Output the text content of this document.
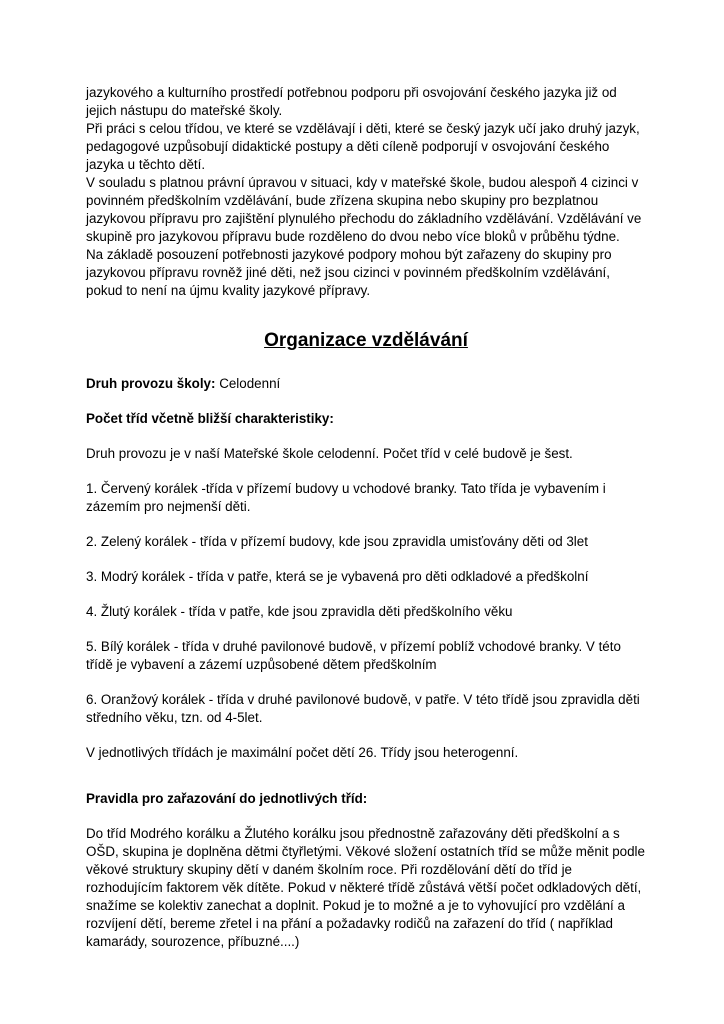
jazykového a kulturního prostředí potřebnou podporu při osvojování českého jazyka již od jejich nástupu do mateřské školy.

Při práci s celou třídou, ve které se vzdělávají i děti, které se český jazyk učí jako druhý jazyk, pedagogové uzpůsobují didaktické postupy a děti cíleně podporují v osvojování českého jazyka u těchto dětí.

V souladu s platnou právní úpravou v situaci, kdy v mateřské škole, budou alespoň 4 cizinci v povinném předškolním vzdělávání, bude zřízena skupina nebo skupiny pro bezplatnou jazykovou přípravu pro zajištění plynulého přechodu do základního vzdělávání. Vzdělávání ve skupině pro jazykovou přípravu bude rozděleno do dvou nebo více bloků v průběhu týdne.

Na základě posouzení potřebnosti jazykové podpory mohou být zařazeny do skupiny pro jazykovou přípravu rovněž jiné děti, než jsou cizinci v povinném předškolním vzdělávání, pokud to není na újmu kvality jazykové přípravy.

Organizace vzdělávání
Druh provozu školy: Celodenní
Počet tříd včetně bližší charakteristiky:
Druh provozu je v naší Mateřské škole celodenní. Počet tříd v celé budově je šest.
1. Červený korálek -třída v přízemí budovy u vchodové branky. Tato třída je vybavením i zázemím pro nejmenší děti.
2. Zelený korálek - třída v přízemí budovy, kde jsou zpravidla umisťovány děti od 3let
3. Modrý korálek - třída v patře, která se je vybavená pro děti odkladové a předškolní
4. Žlutý korálek - třída v patře, kde jsou zpravidla děti předškolního věku
5. Bílý korálek - třída v druhé pavilonové budově, v přízemí poblíž vchodové branky. V této třídě je vybavení a zázemí uzpůsobené dětem předškolním
6. Oranžový korálek - třída v druhé pavilonové budově, v patře. V této třídě jsou zpravidla děti středního věku, tzn. od 4-5let.
V jednotlivých třídách je maximální počet dětí 26. Třídy jsou heterogenní.
Pravidla pro zařazování do jednotlivých tříd:
Do tříd Modrého korálku a Žlutého korálku jsou přednostně zařazovány děti předškolní a s OŠD, skupina je doplněna dětmi čtyřletými. Věkové složení ostatních tříd se může měnit podle věkové struktury skupiny dětí v daném školním roce. Při rozdělování dětí do tříd je rozhodujícím faktorem věk dítěte. Pokud v některé třídě zůstává větší počet odkladových dětí, snažíme se kolektiv zanechat a doplnit. Pokud je to možné a je to vyhovující pro vzdělání a rozvíjení dětí, bereme zřetel i na přání a požadavky rodičů na zařazení do tříd ( například kamarády, sourozence, příbuzné....)
